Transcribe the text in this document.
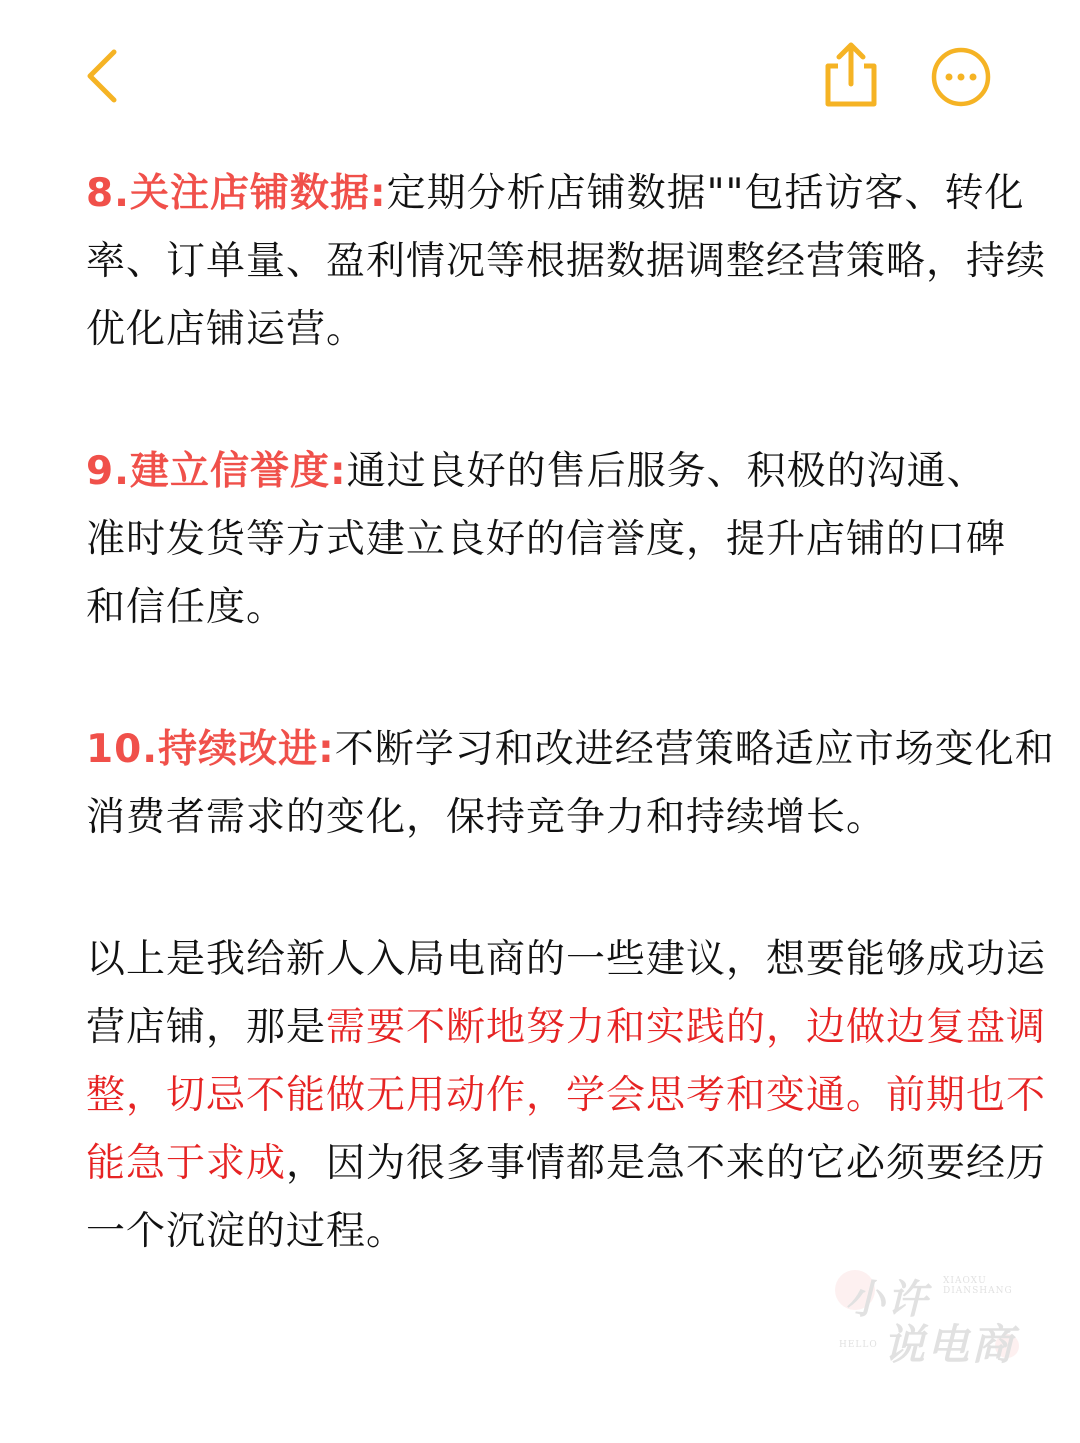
8.关注店铺数据:定期分析店铺数据""包括访客、转化率、订单量、盈利情况等根据数据调整经营策略，持续优化店铺运营。

9.建立信誉度:通过良好的售后服务、积极的沟通、准时发货等方式建立良好的信誉度，提升店铺的口碑和信任度。

10.持续改进:不断学习和改进经营策略适应市场变化和消费者需求的变化，保持竞争力和持续增长。

以上是我给新人入局电商的一些建议，想要能够成功运营店铺，那是需要不断地努力和实践的，边做边复盘调整，切忌不能做无用动作，学会思考和变通。前期也不能急于求成，因为很多事情都是急不来的它必须要经历一个沉淀的过程。

小许 XIAOXU DIANSHANG
说电商
HELLO
